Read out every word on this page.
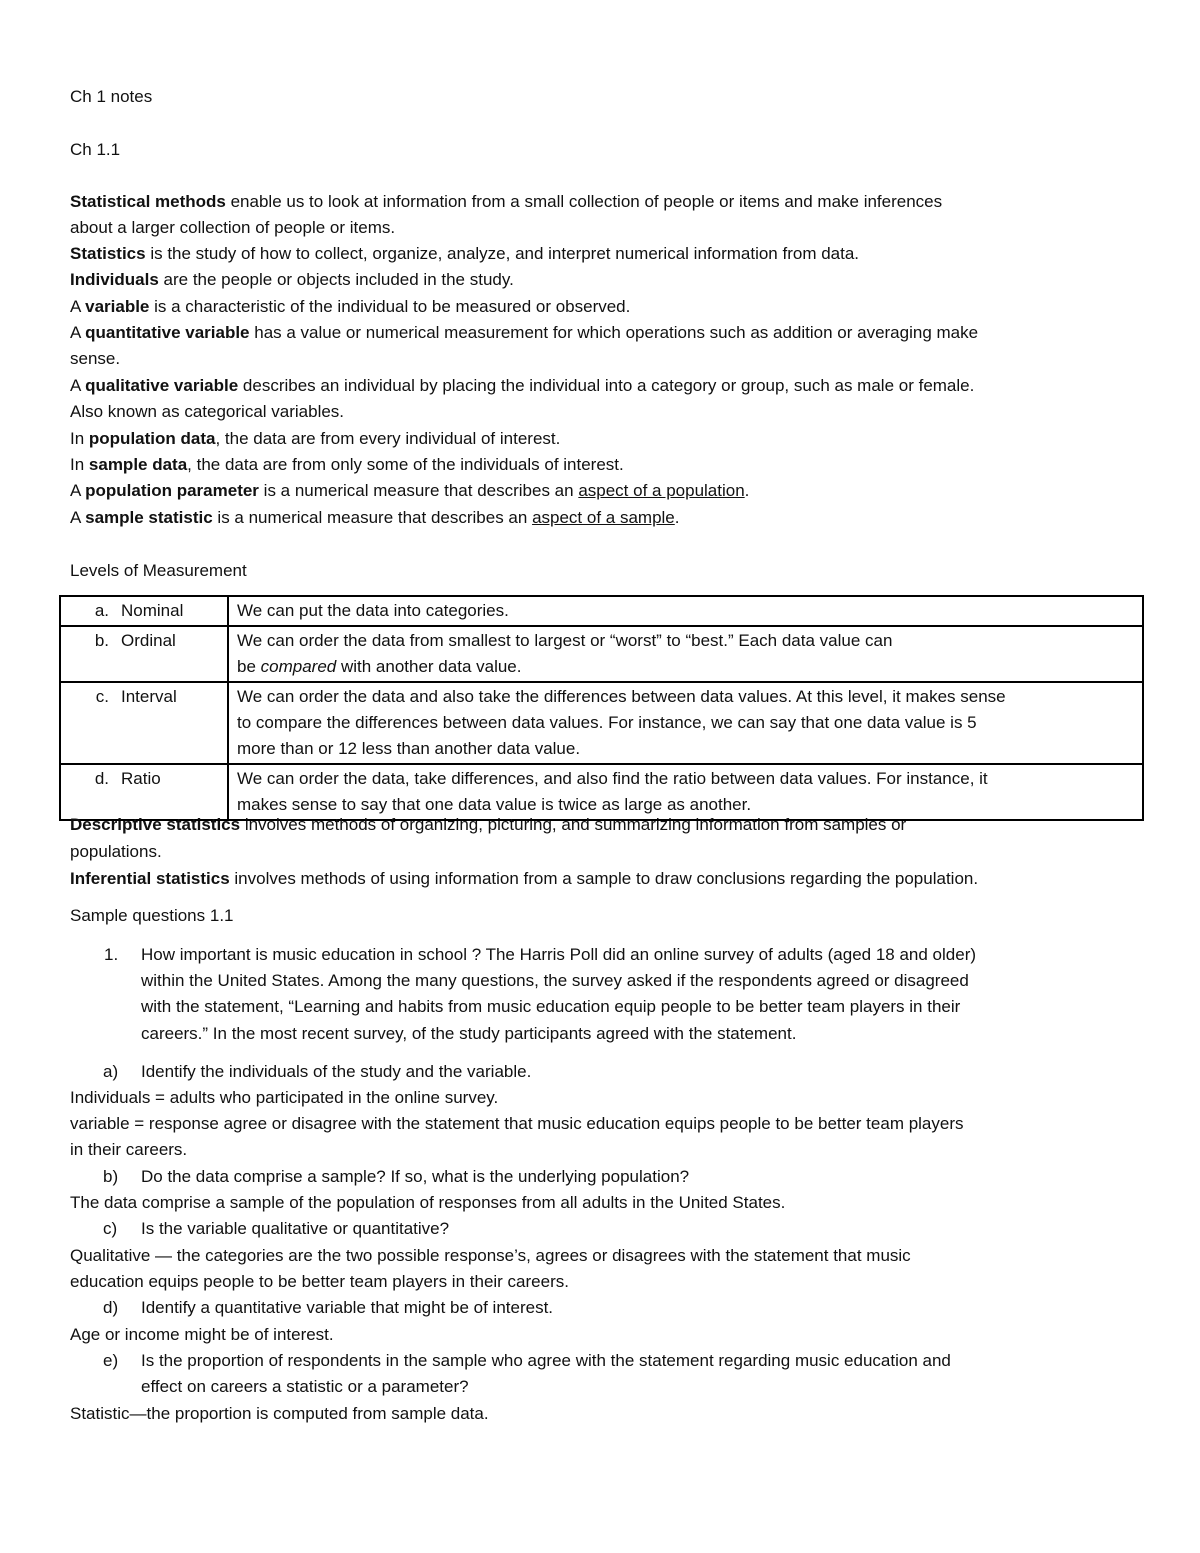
Ch 1 notes
Ch 1.1
Statistical methods enable us to look at information from a small collection of people or items and make inferences
about a larger collection of people or items.
Statistics is the study of how to collect, organize, analyze, and interpret numerical information from data.
Individuals are the people or objects included in the study.
A variable is a characteristic of the individual to be measured or observed.
A quantitative variable has a value or numerical measurement for which operations such as addition or averaging make
sense.
A qualitative variable describes an individual by placing the individual into a category or group, such as male or female.
Also known as categorical variables.
In population data, the data are from every individual of interest.
In sample data, the data are from only some of the individuals of interest.
A population parameter is a numerical measure that describes an aspect of a population.
A sample statistic is a numerical measure that describes an aspect of a sample.
Levels of Measurement
a. Nominal	We can put the data into categories.

b. Ordinal	We can order the data from smallest to largest or “worst” to “best.” Each data value can
be compared with another data value.

c. Interval	We can order the data and also take the differences between data values. At this level, it makes sense
to compare the differences between data values. For instance, we can say that one data value is 5
more than or 12 less than another data value.

d. Ratio	We can order the data, take differences, and also find the ratio between data values. For instance, it
makes sense to say that one data value is twice as large as another.
Descriptive statistics involves methods of organizing, picturing, and summarizing information from samples or
populations.
Inferential statistics involves methods of using information from a sample to draw conclusions regarding the population.
Sample questions 1.1
1. How important is music education in school ? The Harris Poll did an online survey of adults (aged 18 and older)
within the United States. Among the many questions, the survey asked if the respondents agreed or disagreed
with the statement, “Learning and habits from music education equip people to be better team players in their
careers.” In the most recent survey, of the study participants agreed with the statement.
a) Identify the individuals of the study and the variable.
Individuals = adults who participated in the online survey.
variable = response agree or disagree with the statement that music education equips people to be better team players
in their careers.
b) Do the data comprise a sample? If so, what is the underlying population?
The data comprise a sample of the population of responses from all adults in the United States.
c) Is the variable qualitative or quantitative?
Qualitative — the categories are the two possible response’s, agrees or disagrees with the statement that music
education equips people to be better team players in their careers.
d) Identify a quantitative variable that might be of interest.
Age or income might be of interest.
e) Is the proportion of respondents in the sample who agree with the statement regarding music education and
effect on careers a statistic or a parameter?
Statistic—the proportion is computed from sample data.
